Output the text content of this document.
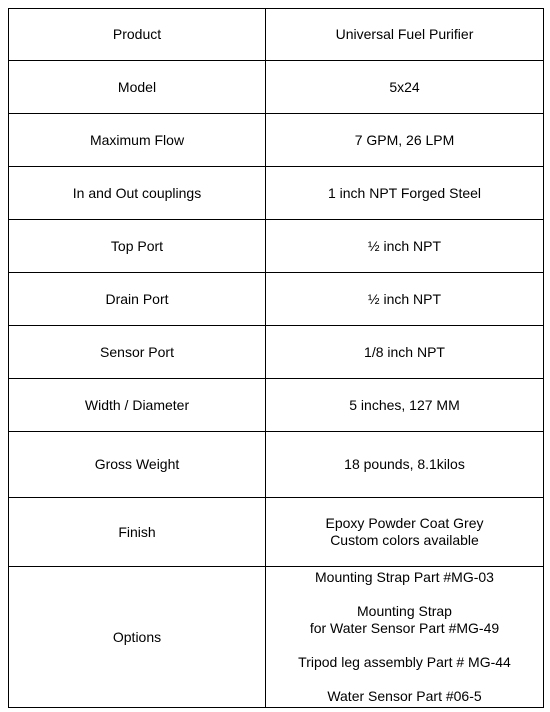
Product	Universal Fuel Purifier
Model	5x24
Maximum Flow	7 GPM, 26 LPM
In and Out couplings	1 inch NPT Forged Steel
Top Port	½ inch NPT
Drain Port	½ inch NPT
Sensor Port	1/8 inch NPT
Width / Diameter	5 inches, 127 MM
Gross Weight	18 pounds, 8.1kilos
Finish	Epoxy Powder Coat Grey
Custom colors available

Options	Mounting Strap Part #MG-03
Mounting Strap
for Water Sensor Part #MG-49
Tripod leg assembly Part # MG-44
Water Sensor Part #06-5
